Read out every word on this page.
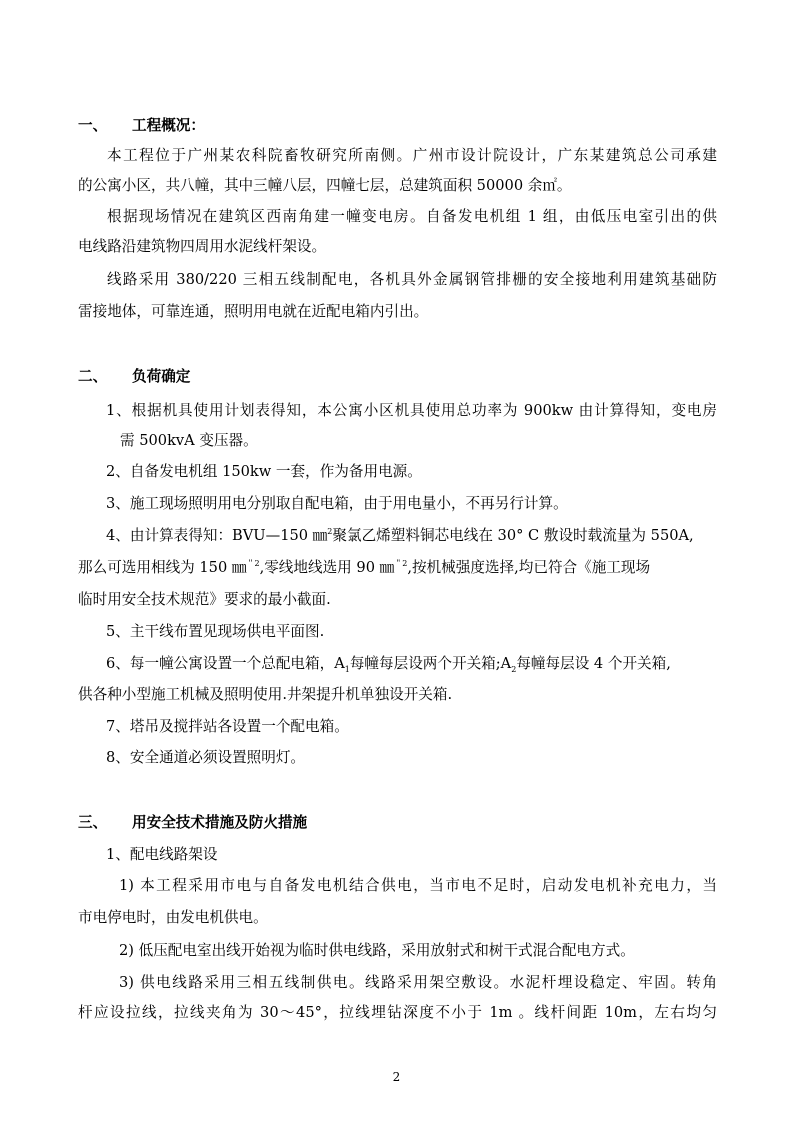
一、 工程概况：
本工程位于广州某农科院畜牧研究所南侧。广州市设计院设计，广东某建筑总公司承建
的公寓小区，共八幢，其中三幢八层，四幢七层，总建筑面积 50000 余㎡。
根据现场情况在建筑区西南角建一幢变电房。自备发电机组 1 组，由低压电室引出的供
电线路沿建筑物四周用水泥线杆架设。
线路采用 380/220 三相五线制配电，各机具外金属钢管排栅的安全接地利用建筑基础防
雷接地体，可靠连通，照明用电就在近配电箱内引出。
二、 负荷确定
1、根据机具使用计划表得知，本公寓小区机具使用总功率为 900kw 由计算得知，变电房
需 500kvA 变压器。
2、自备发电机组 150kw 一套，作为备用电源。
3、施工现场照明用电分别取自配电箱，由于用电量小，不再另行计算。
4、由计算表得知：BVU—150 ㎜$^2$聚氯乙烯塑料铜芯电线在 30° C 敷设时载流量为 550A,
那么可选用相线为 150 ㎜$^{"2}$,零线地线选用 90 ㎜$^{"2}$,按机械强度选择,均已符合《施工现场
临时用安全技术规范》要求的最小截面.
5、主干线布置见现场供电平面图.
6、每一幢公寓设置一个总配电箱，$A_1$每幢每层设两个开关箱$;A_2$每幢每层设 4 个开关箱,
供各种小型施工机械及照明使用.井架提升机单独设开关箱.
7、塔吊及搅拌站各设置一个配电箱。
8、安全通道必须设置照明灯。
三、 用安全技术措施及防火措施
1、配电线路架设
1) 本工程采用市电与自备发电机结合供电，当市电不足时，启动发电机补充电力，当
市电停电时，由发电机供电。
2) 低压配电室出线开始视为临时供电线路，采用放射式和树干式混合配电方式。
3) 供电线路采用三相五线制供电。线路采用架空敷设。水泥杆埋设稳定、牢固。转角
杆应设拉线，拉线夹角为 30～45°，拉线埋钻深度不小于 1m 。线杆间距 10m，左右均匀
2
